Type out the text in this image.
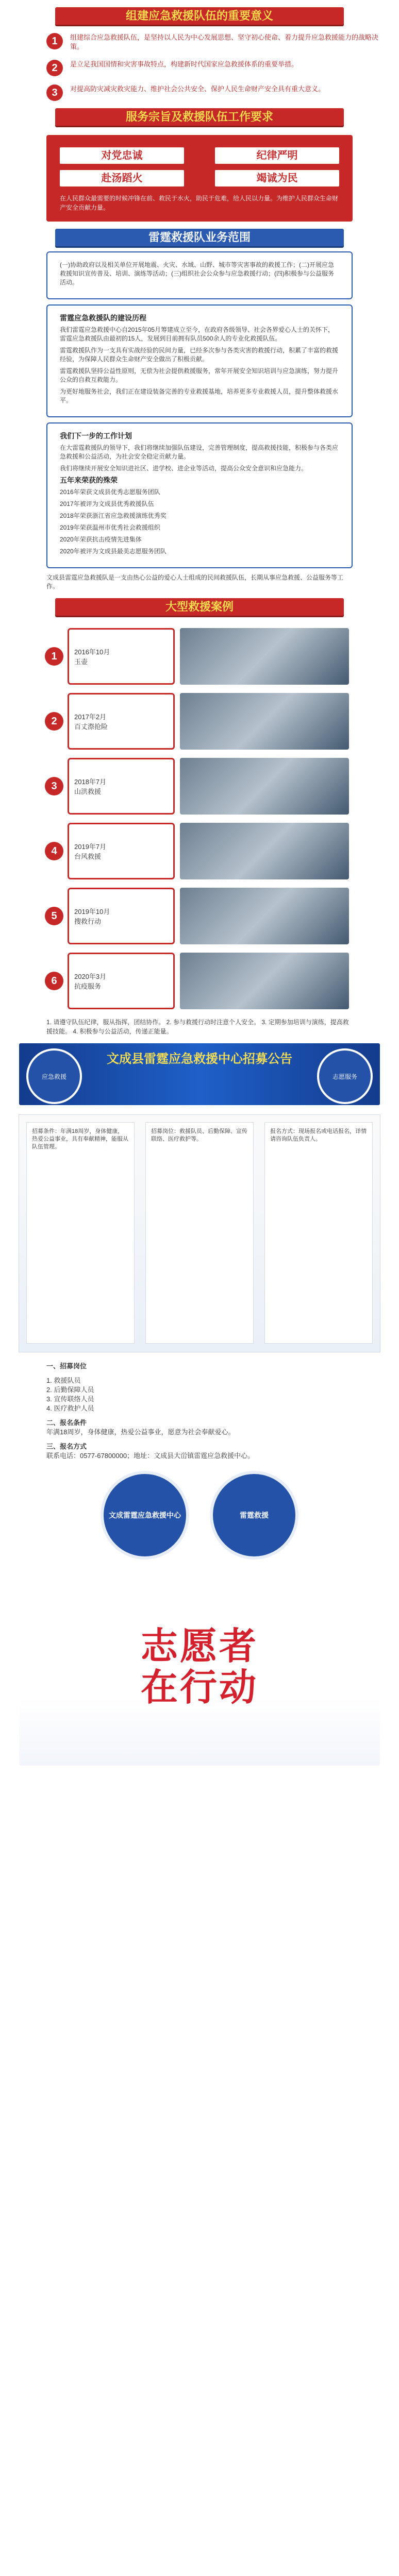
组建应急救援队伍的重要意义
1	组建综合应急救援队伍，是坚持以人民为中心发展思想、坚守初心使命、着力提升应急救援能力的战略决策。
2	是立足我国国情和灾害事故特点，构建新时代国家应急救援体系的重要举措。
3	对提高防灾减灾救灾能力、维护社会公共安全、保护人民生命财产安全具有重大意义。
服务宗旨及救援队伍工作要求
对党忠诚	纪律严明
赴汤蹈火	竭诚为民

在人民群众最需要的时候冲锋在前、救民于水火，助民于危难，给人民以力量。为维护人民群众生命财产安全贡献力量。

雷霆救援队业务范围

(一)协助政府以及相关单位开展地震、火灾、水域、山野、城市等灾害事故的救援工作；(二)开展应急救援知识宣传普及、培训、演练等活动；(三)组织社会公众参与应急救援行动；(四)积极参与公益服务活动。

雷霆应急救援队的建设历程

我们雷霆应急救援中心自2015年05月筹建成立至今，在政府各级领导、社会各界爱心人士的关怀下，雷霆应急救援队由最初的15人，发展到目前拥有队员500余人的专业化救援队伍。

雷霆救援队作为一支具有实战经验的民间力量，已经多次参与各类灾害的救援行动，积累了丰富的救援经验，为保障人民群众生命财产安全做出了积极贡献。

雷霆救援队坚持公益性原则，无偿为社会提供救援服务，常年开展安全知识培训与应急演练，努力提升公众的自救互救能力。

为更好地服务社会，我们正在建设装备完善的专业救援基地，培养更多专业救援人员，提升整体救援水平。

我们下一步的工作计划

在大雷霆救援队的领导下，我们将继续加强队伍建设，完善管理制度，提高救援技能，积极参与各类应急救援和公益活动，为社会安全稳定贡献力量。

我们将继续开展安全知识进社区、进学校、进企业等活动，提高公众安全意识和应急能力。

五年来荣获的殊荣

2016年荣获文成县优秀志愿服务团队

2017年被评为文成县优秀救援队伍

2018年荣获浙江省应急救援演练优秀奖

2019年荣获温州市优秀社会救援组织

2020年荣获抗击疫情先进集体

2020年被评为文成县最美志愿服务团队

文成县雷霆应急救援队是一支由热心公益的爱心人士组成的民间救援队伍，长期从事应急救援、公益服务等工作。

大型救援案例
1	2016年10月
玉壶
2	2017年2月
百丈漈抢险
3	2018年7月
山洪救援
4	2019年7月
台风救援
5	2019年10月
搜救行动
6	2020年3月
抗疫服务

1. 请遵守队伍纪律，服从指挥，团结协作。 2. 参与救援行动时注意个人安全。 3. 定期参加培训与演练，提高救援技能。 4. 积极参与公益活动，传递正能量。

应急救援
文成县雷霆应急救援中心招募公告
志愿服务
招募条件：年满18周岁，身体健康，热爱公益事业，具有奉献精神，能服从队伍管理。
招募岗位：救援队员、后勤保障、宣传联络、医疗救护等。
报名方式：现场报名或电话报名，详情请咨询队伍负责人。
一、招募岗位
1. 救援队员
2. 后勤保障人员
3. 宣传联络人员
4. 医疗救护人员
二、报名条件
年满18周岁，身体健康，热爱公益事业，愿意为社会奉献爱心。
三、报名方式
联系电话：0577-67800000；地址：文成县大峃镇雷霆应急救援中心。
文成雷霆应急救援中心	雷霆救援
志愿者
在行动
